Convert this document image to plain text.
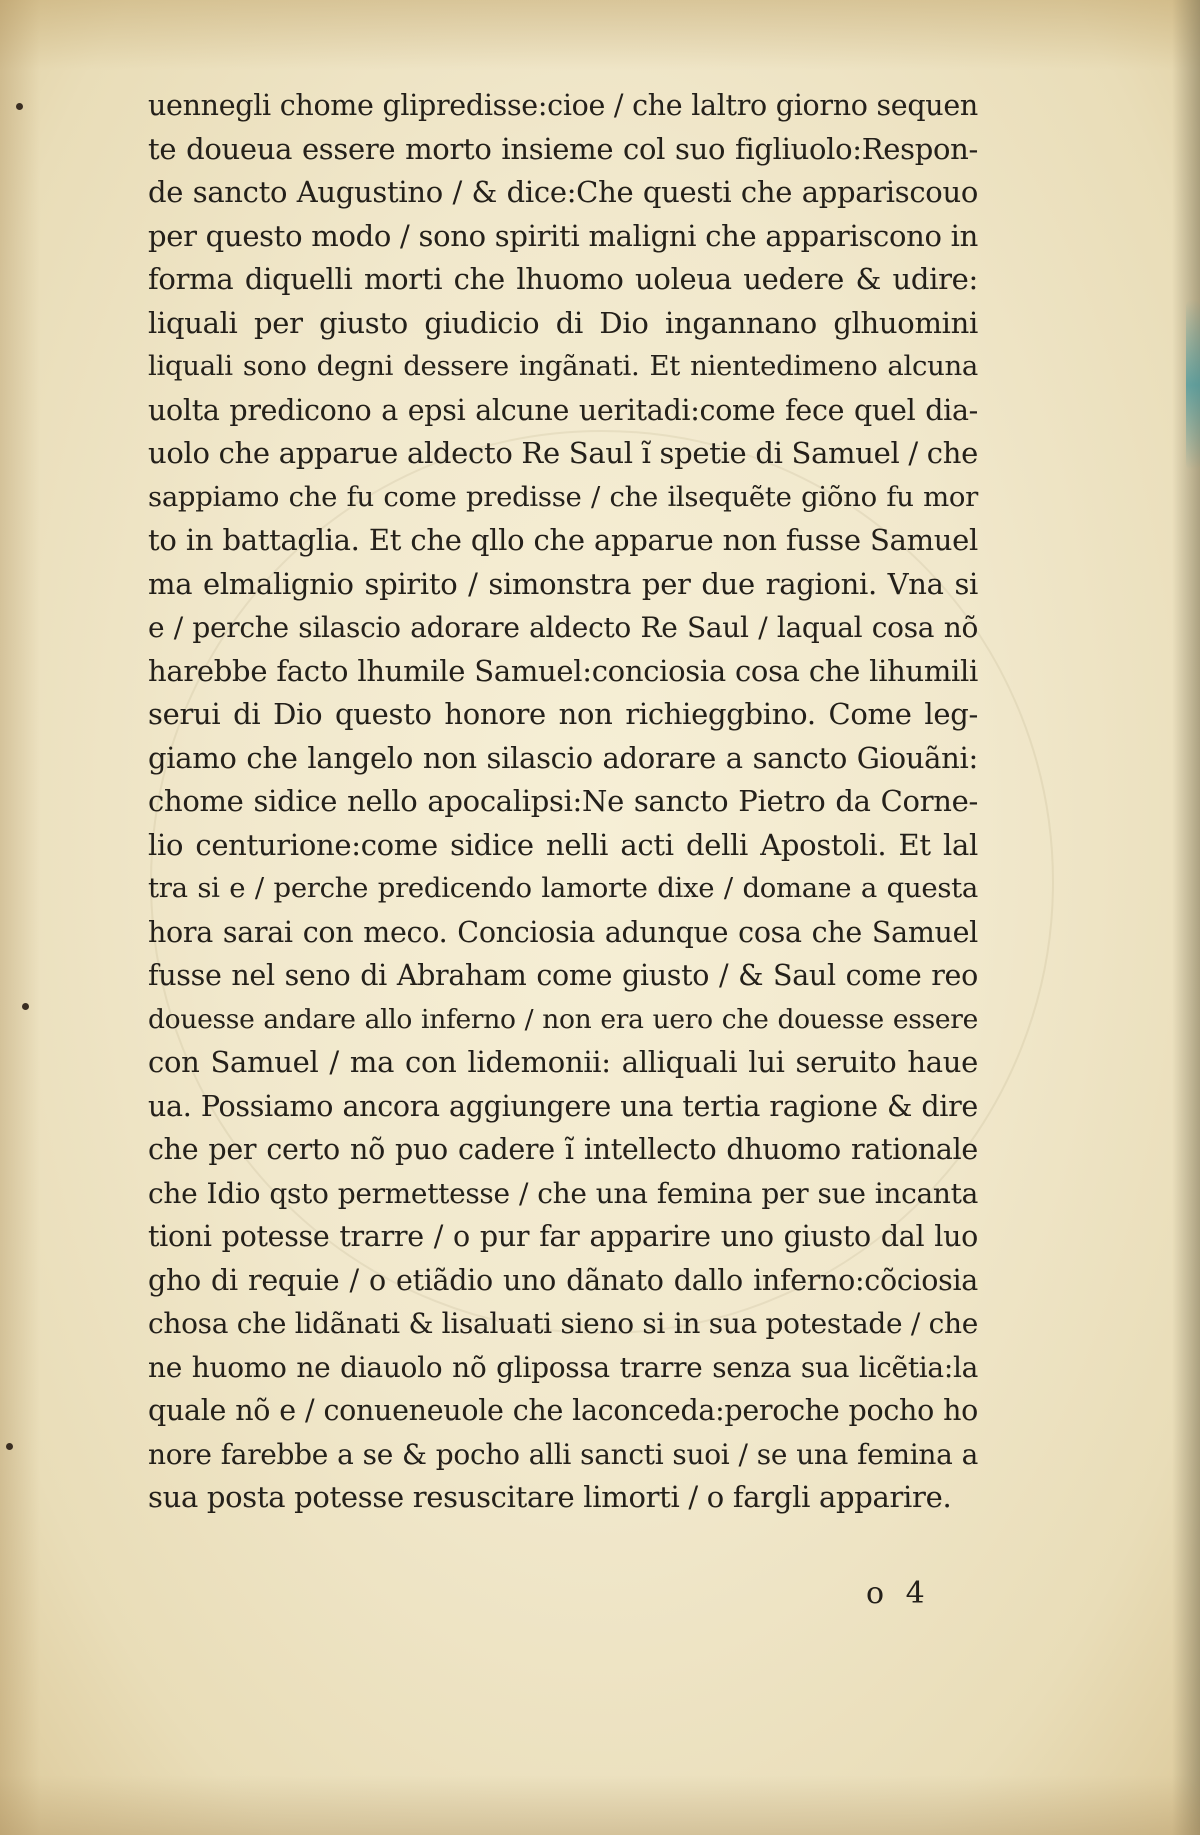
uennegli chome glipredisse:cioe / che laltro giorno sequen
te doueua essere morto insieme col suo figliuolo:Respon-
de sancto Augustino / & dice:Che questi che appariscouo
per questo modo / sono spiriti maligni che appariscono in
forma diquelli morti che lhuomo uoleua uedere & udire:
liquali per giusto giudicio di Dio ingannano glhuomini
liquali sono degni dessere ingãnati. Et nientedimeno alcuna
uolta predicono a epsi alcune ueritadi:come fece quel dia-
uolo che apparue aldecto Re Saul ĩ spetie di Samuel / che
sappiamo che fu come predisse / che ilsequẽte giõno fu mor
to in battaglia. Et che qllo che apparue non fusse Samuel
ma elmalignio spirito / simonstra per due ragioni. Vna si
e / perche silascio adorare aldecto Re Saul / laqual cosa nõ
harebbe facto lhumile Samuel:conciosia cosa che lihumili
serui di Dio questo honore non richieggbino. Come leg-
giamo che langelo non silascio adorare a sancto Giouãni:
chome sidice nello apocalipsi:Ne sancto Pietro da Corne-
lio centurione:come sidice nelli acti delli Apostoli. Et lal
tra si e / perche predicendo lamorte dixe / domane a questa
hora sarai con meco. Conciosia adunque cosa che Samuel
fusse nel seno di Abraham come giusto / & Saul come reo
douesse andare allo inferno / non era uero che douesse essere
con Samuel / ma con lidemonii: alliquali lui seruito haue
ua. Possiamo ancora aggiungere una tertia ragione & dire
che per certo nõ puo cadere ĩ intellecto dhuomo rationale
che Idio qsto permettesse / che una femina per sue incanta
tioni potesse trarre / o pur far apparire uno giusto dal luo
gho di requie / o etiãdio uno dãnato dallo inferno:cõciosia
chosa che lidãnati & lisaluati sieno si in sua potestade / che
ne huomo ne diauolo nõ glipossa trarre senza sua licẽtia:la
quale nõ e / conueneuole che laconceda:peroche pocho ho
nore farebbe a se & pocho alli sancti suoi / se una femina a
sua posta potesse resuscitare limorti / o fargli apparire.
o 4
